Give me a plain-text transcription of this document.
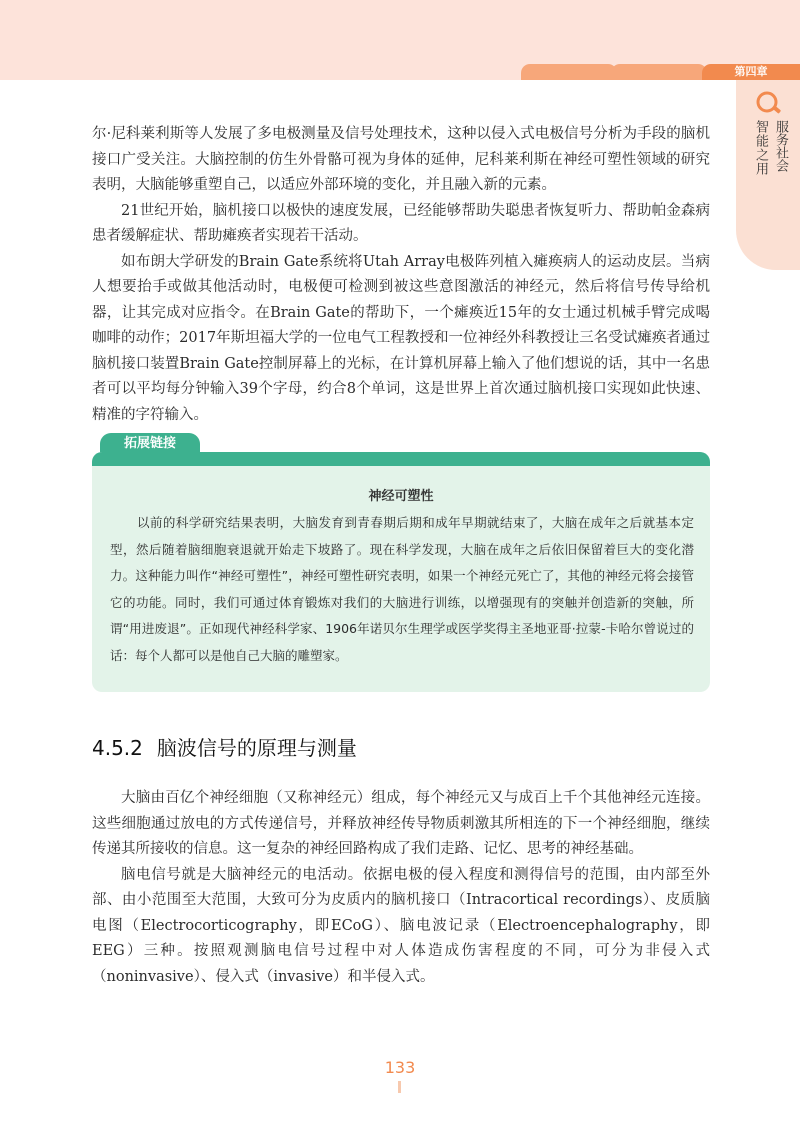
第四章
智能之用 服务社会

尔·尼科莱利斯等人发展了多电极测量及信号处理技术，这种以侵入式电极信号分析为手段的脑机接口广受关注。大脑控制的仿生外骨骼可视为身体的延伸，尼科莱利斯在神经可塑性领域的研究表明，大脑能够重塑自己，以适应外部环境的变化，并且融入新的元素。

21世纪开始，脑机接口以极快的速度发展，已经能够帮助失聪患者恢复听力、帮助帕金森病患者缓解症状、帮助瘫痪者实现若干活动。

如布朗大学研发的Brain Gate系统将Utah Array电极阵列植入瘫痪病人的运动皮层。当病人想要抬手或做其他活动时，电极便可检测到被这些意图激活的神经元，然后将信号传导给机器，让其完成对应指令。在Brain Gate的帮助下，一个瘫痪近15年的女士通过机械手臂完成喝咖啡的动作；2017年斯坦福大学的一位电气工程教授和一位神经外科教授让三名受试瘫痪者通过脑机接口装置Brain Gate控制屏幕上的光标，在计算机屏幕上输入了他们想说的话，其中一名患者可以平均每分钟输入39个字母，约合8个单词，这是世界上首次通过脑机接口实现如此快速、精准的字符输入。

拓展链接
神经可塑性

以前的科学研究结果表明，大脑发育到青春期后期和成年早期就结束了，大脑在成年之后就基本定型，然后随着脑细胞衰退就开始走下坡路了。现在科学发现，大脑在成年之后依旧保留着巨大的变化潜力。这种能力叫作“神经可塑性”，神经可塑性研究表明，如果一个神经元死亡了，其他的神经元将会接管它的功能。同时，我们可通过体育锻炼对我们的大脑进行训练，以增强现有的突触并创造新的突触，所谓“用进废退”。正如现代神经科学家、1906年诺贝尔生理学或医学奖得主圣地亚哥·拉蒙-卡哈尔曾说过的话：每个人都可以是他自己大脑的雕塑家。

4.5.2 脑波信号的原理与测量

大脑由百亿个神经细胞（又称神经元）组成，每个神经元又与成百上千个其他神经元连接。这些细胞通过放电的方式传递信号，并释放神经传导物质刺激其所相连的下一个神经细胞，继续传递其所接收的信息。这一复杂的神经回路构成了我们走路、记忆、思考的神经基础。

脑电信号就是大脑神经元的电活动。依据电极的侵入程度和测得信号的范围，由内部至外部、由小范围至大范围，大致可分为皮质内的脑机接口（Intracortical recordings）、皮质脑电图（Electrocorticography，即ECoG）、脑电波记录（Electroencephalography，即EEG）三种。按照观测脑电信号过程中对人体造成伤害程度的不同，可分为非侵入式（noninvasive）、侵入式（invasive）和半侵入式。

133
